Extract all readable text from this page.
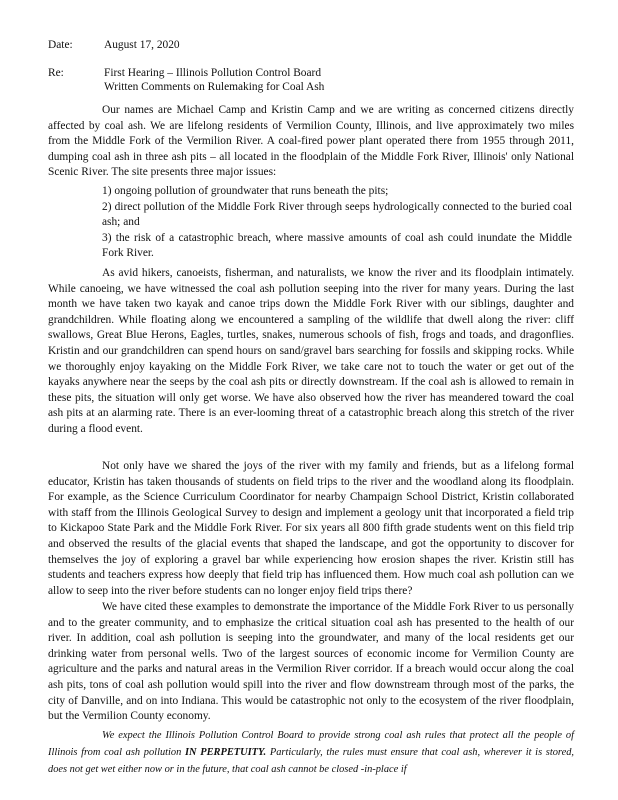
Date:	August 17, 2020
Re:	First Hearing – Illinois Pollution Control Board
Written Comments on Rulemaking for Coal Ash

Our names are Michael Camp and Kristin Camp and we are writing as concerned citizens directly affected by coal ash. We are lifelong residents of Vermilion County, Illinois, and live approximately two miles from the Middle Fork of the Vermilion River. A coal-fired power plant operated there from 1955 through 2011, dumping coal ash in three ash pits – all located in the floodplain of the Middle Fork River, Illinois' only National Scenic River. The site presents three major issues:

1) ongoing pollution of groundwater that runs beneath the pits;

2) direct pollution of the Middle Fork River through seeps hydrologically connected to the buried coal ash; and

3) the risk of a catastrophic breach, where massive amounts of coal ash could inundate the Middle Fork River.

As avid hikers, canoeists, fisherman, and naturalists, we know the river and its floodplain intimately. While canoeing, we have witnessed the coal ash pollution seeping into the river for many years. During the last month we have taken two kayak and canoe trips down the Middle Fork River with our siblings, daughter and grandchildren. While floating along we encountered a sampling of the wildlife that dwell along the river: cliff swallows, Great Blue Herons, Eagles, turtles, snakes, numerous schools of fish, frogs and toads, and dragonflies. Kristin and our grandchildren can spend hours on sand/gravel bars searching for fossils and skipping rocks. While we thoroughly enjoy kayaking on the Middle Fork River, we take care not to touch the water or get out of the kayaks anywhere near the seeps by the coal ash pits or directly downstream. If the coal ash is allowed to remain in these pits, the situation will only get worse. We have also observed how the river has meandered toward the coal ash pits at an alarming rate. There is an ever-looming threat of a catastrophic breach along this stretch of the river during a flood event.

Not only have we shared the joys of the river with my family and friends, but as a lifelong formal educator, Kristin has taken thousands of students on field trips to the river and the woodland along its floodplain. For example, as the Science Curriculum Coordinator for nearby Champaign School District, Kristin collaborated with staff from the Illinois Geological Survey to design and implement a geology unit that incorporated a field trip to Kickapoo State Park and the Middle Fork River. For six years all 800 fifth grade students went on this field trip and observed the results of the glacial events that shaped the landscape, and got the opportunity to discover for themselves the joy of exploring a gravel bar while experiencing how erosion shapes the river. Kristin still has students and teachers express how deeply that field trip has influenced them. How much coal ash pollution can we allow to seep into the river before students can no longer enjoy field trips there?

We have cited these examples to demonstrate the importance of the Middle Fork River to us personally and to the greater community, and to emphasize the critical situation coal ash has presented to the health of our river. In addition, coal ash pollution is seeping into the groundwater, and many of the local residents get our drinking water from personal wells. Two of the largest sources of economic income for Vermilion County are agriculture and the parks and natural areas in the Vermilion River corridor. If a breach would occur along the coal ash pits, tons of coal ash pollution would spill into the river and flow downstream through most of the parks, the city of Danville, and on into Indiana. This would be catastrophic not only to the ecosystem of the river floodplain, but the Vermilion County economy.

We expect the Illinois Pollution Control Board to provide strong coal ash rules that protect all the people of Illinois from coal ash pollution IN PERPETUITY. Particularly, the rules must ensure that coal ash, wherever it is stored, does not get wet either now or in the future, that coal ash cannot be closed -in-place if
